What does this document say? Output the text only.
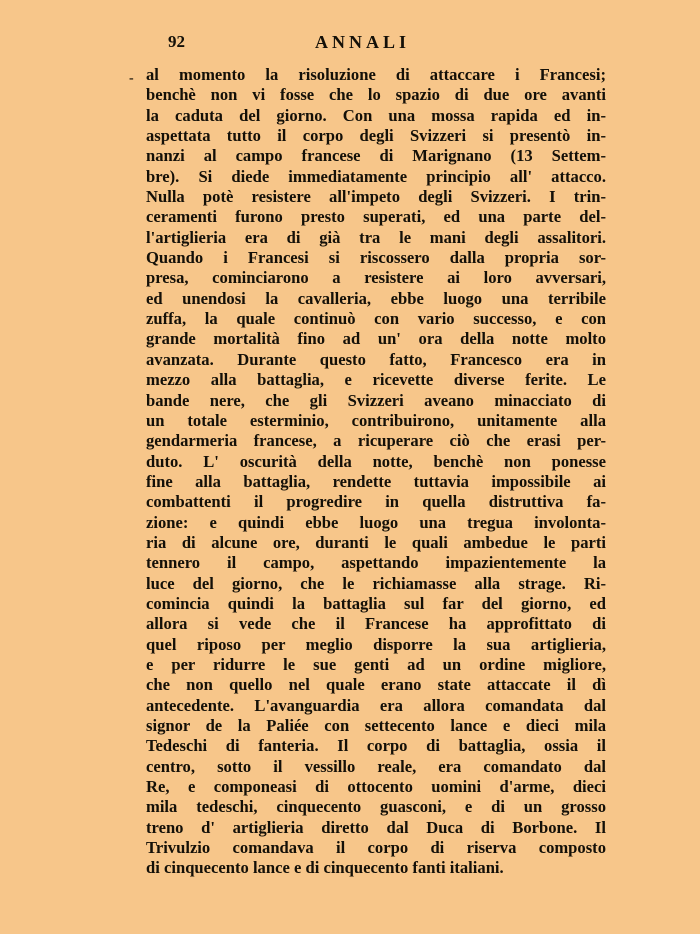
92	ANNALI
- al momento la risoluzione di attaccare i Francesi;
benchè non vi fosse che lo spazio di due ore avanti
la caduta del giorno. Con una mossa rapida ed in-
aspettata tutto il corpo degli Svizzeri si presentò in-
nanzi al campo francese di Marignano (13 Settem-
bre). Si diede immediatamente principio all' attacco.
Nulla potè resistere all'impeto degli Svizzeri. I trin-
ceramenti furono presto superati, ed una parte del-
l'artiglieria era di già tra le mani degli assalitori.
Quando i Francesi si riscossero dalla propria sor-
presa, cominciarono a resistere ai loro avversari,
ed unendosi la cavalleria, ebbe luogo una terribile
zuffa, la quale continuò con vario successo, e con
grande mortalità fino ad un' ora della notte molto
avanzata. Durante questo fatto, Francesco era in
mezzo alla battaglia, e ricevette diverse ferite. Le
bande nere, che gli Svizzeri aveano minacciato di
un totale esterminio, contribuirono, unitamente alla
gendarmeria francese, a ricuperare ciò che erasi per-
duto. L' oscurità della notte, benchè non ponesse
fine alla battaglia, rendette tuttavia impossibile ai
combattenti il progredire in quella distruttiva fa-
zione: e quindi ebbe luogo una tregua involonta-
ria di alcune ore, duranti le quali ambedue le parti
tennero il campo, aspettando impazientemente la
luce del giorno, che le richiamasse alla strage. Ri-
comincia quindi la battaglia sul far del giorno, ed
allora si vede che il Francese ha approfittato di
quel riposo per meglio disporre la sua artiglieria,
e per ridurre le sue genti ad un ordine migliore,
che non quello nel quale erano state attaccate il dì
antecedente. L'avanguardia era allora comandata dal
signor de la Paliée con settecento lance e dieci mila
Tedeschi di fanteria. Il corpo di battaglia, ossia il
centro, sotto il vessillo reale, era comandato dal
Re, e componeasi di ottocento uomini d'arme, dieci
mila tedeschi, cinquecento guasconi, e di un grosso
treno d' artiglieria diretto dal Duca di Borbone. Il
Trivulzio comandava il corpo di riserva composto
di cinquecento lance e di cinquecento fanti italiani.
